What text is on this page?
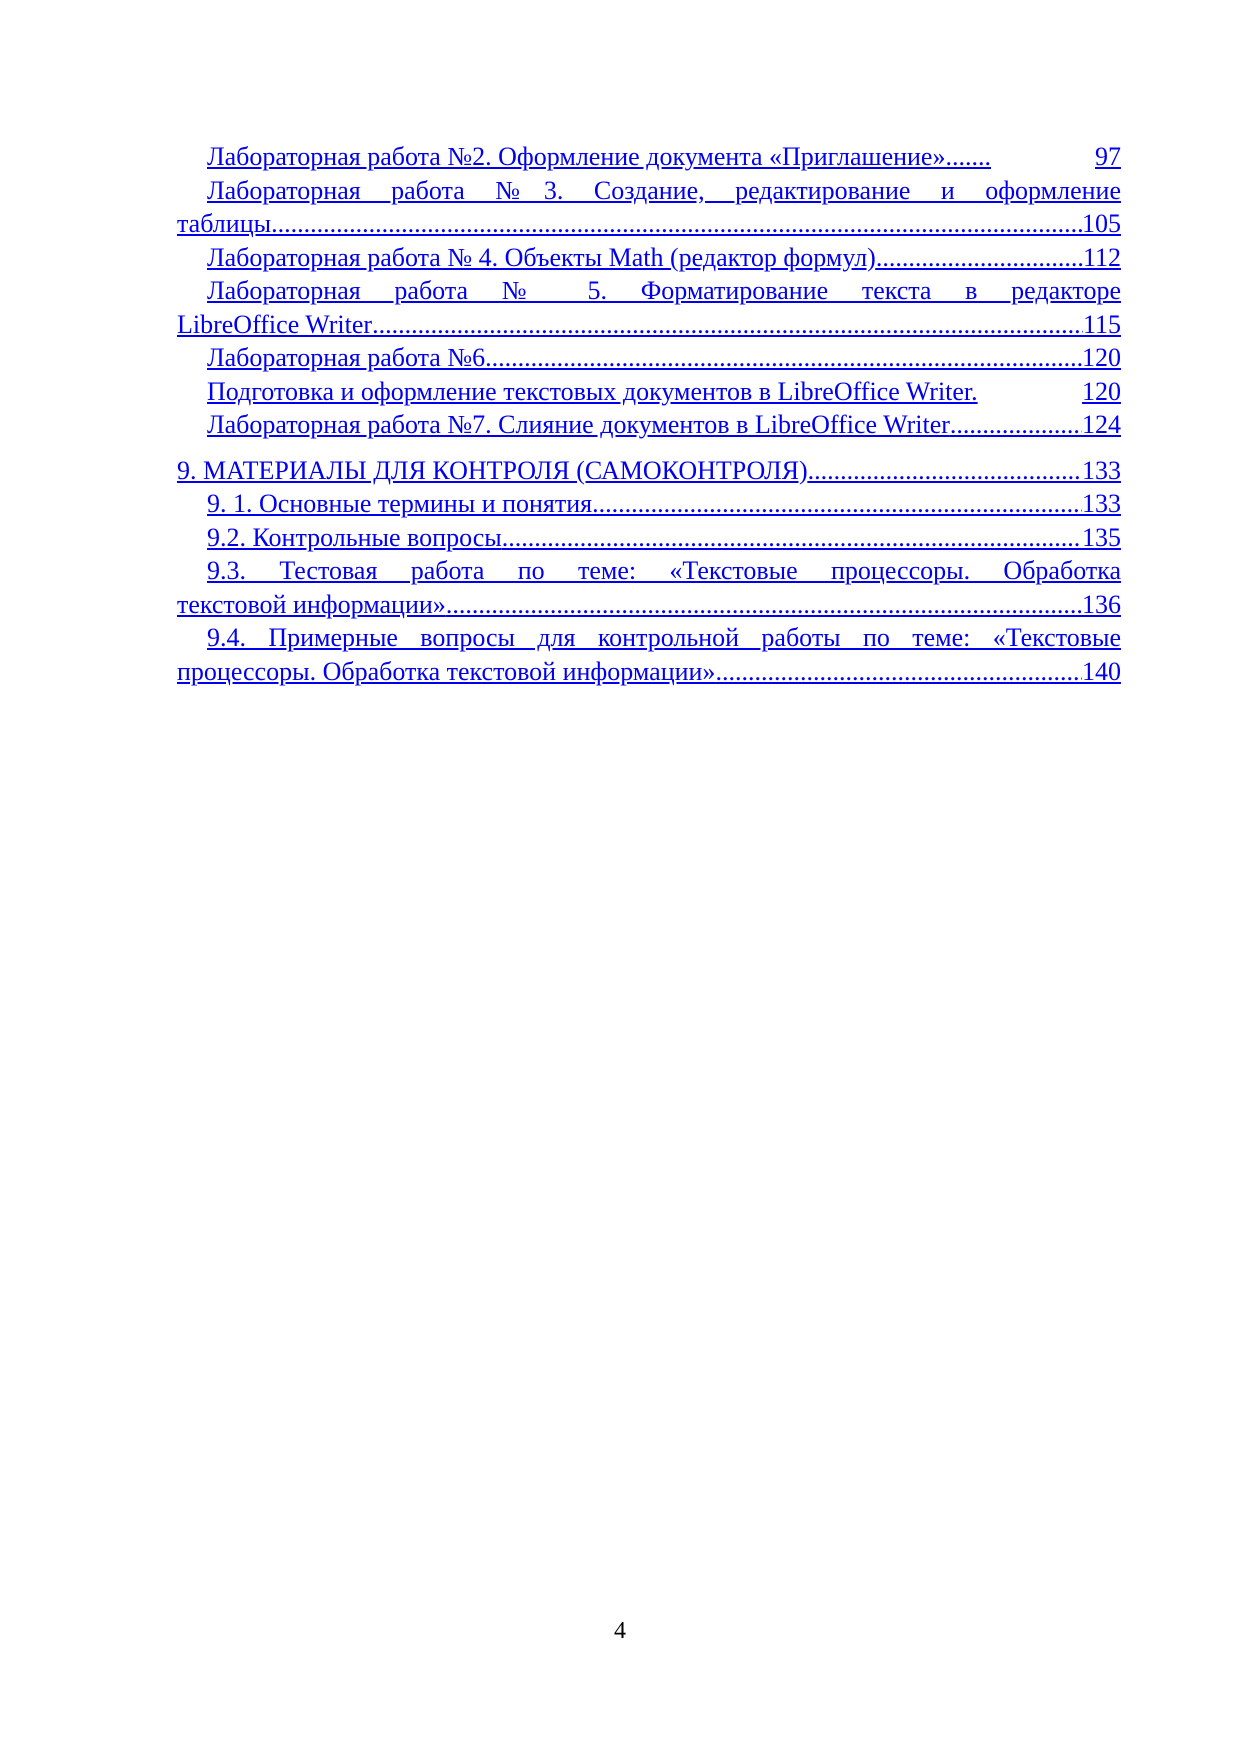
Лабораторная работа №2. Оформление документа «Приглашение» .......	97
Лабораторная работа №3. Создание, редактирование и оформление
таблицы .....	105
Лабораторная работа № 4. Объекты Math (редактор формул) .....	112
Лабораторная работа № 5. Форматирование текста в редакторе
LibreOffice Writer .....	115
Лабораторная работа №6 .....	120
Подготовка и оформление текстовых документов в LibreOffice Writer.	120
Лабораторная работа №7. Слияние документов в LibreOffice Writer .....	124
9. МАТЕРИАЛЫ ДЛЯ КОНТРОЛЯ (САМОКОНТРОЛЯ) .....	133
9. 1. Основные термины и понятия .....	133
9.2. Контрольные вопросы .....	135
9.3. Тестовая работа по теме: «Текстовые процессоры. Обработка
текстовой информации» .....	136
9.4. Примерные вопросы для контрольной работы по теме: «Текстовые
процессоры. Обработка текстовой информации» .....	140
4
